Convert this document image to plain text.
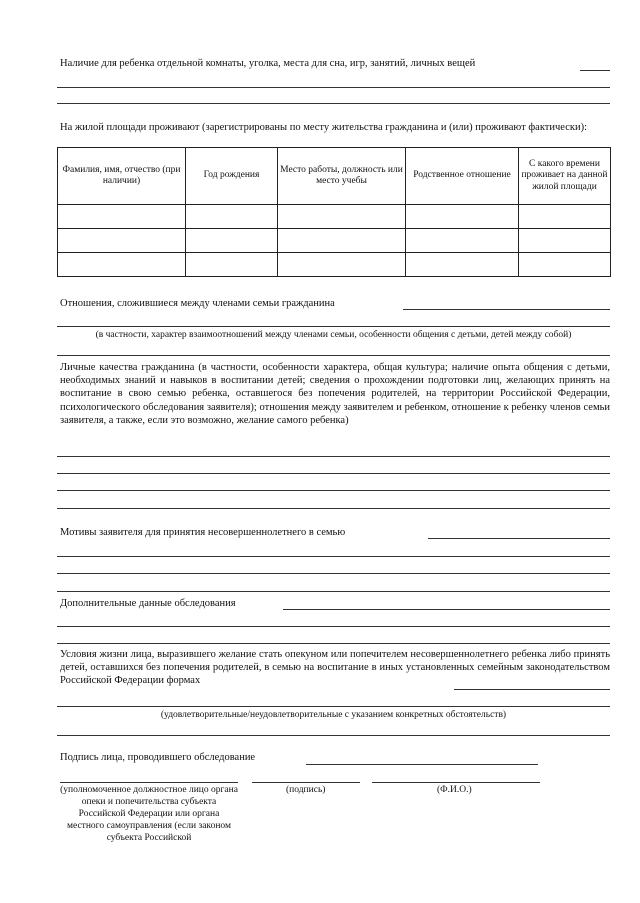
Наличие для ребенка отдельной комнаты, уголка, места для сна, игр, занятий, личных вещей
На жилой площади проживают (зарегистрированы по месту жительства гражданина и (или) проживают фактически):
Фамилия, имя, отчество (при наличии)	Год рождения	Место работы, должность или место учебы	Родственное отношение	С какого времени проживает на данной жилой площади

Отношения, сложившиеся между членами семьи гражданина
(в частности, характер взаимоотношений между членами семьи, особенности общения с детьми, детей между собой)
Личные качества гражданина (в частности, особенности характера, общая культура; наличие опыта общения с детьми, необходимых знаний и навыков в воспитании детей; сведения о прохождении подготовки лиц, желающих принять на воспитание в свою семью ребенка, оставшегося без попечения родителей, на территории Российской Федерации, психологического обследования заявителя); отношения между заявителем и ребенком, отношение к ребенку членов семьи заявителя, а также, если это возможно, желание самого ребенка)
Мотивы заявителя для принятия несовершеннолетнего в семью
Дополнительные данные обследования
Условия жизни лица, выразившего желание стать опекуном или попечителем несовершеннолетнего ребенка либо принять детей, оставшихся без попечения родителей, в семью на воспитание в иных установленных семейным законодательством Российской Федерации формах
(удовлетворительные/неудовлетворительные с указанием конкретных обстоятельств)
Подпись лица, проводившего обследование
(уполномоченное должностное лицо органа опеки и попечительства субъекта Российской Федерации или органа местного самоуправления (если законом субъекта Российской
(подпись)	(Ф.И.О.)
